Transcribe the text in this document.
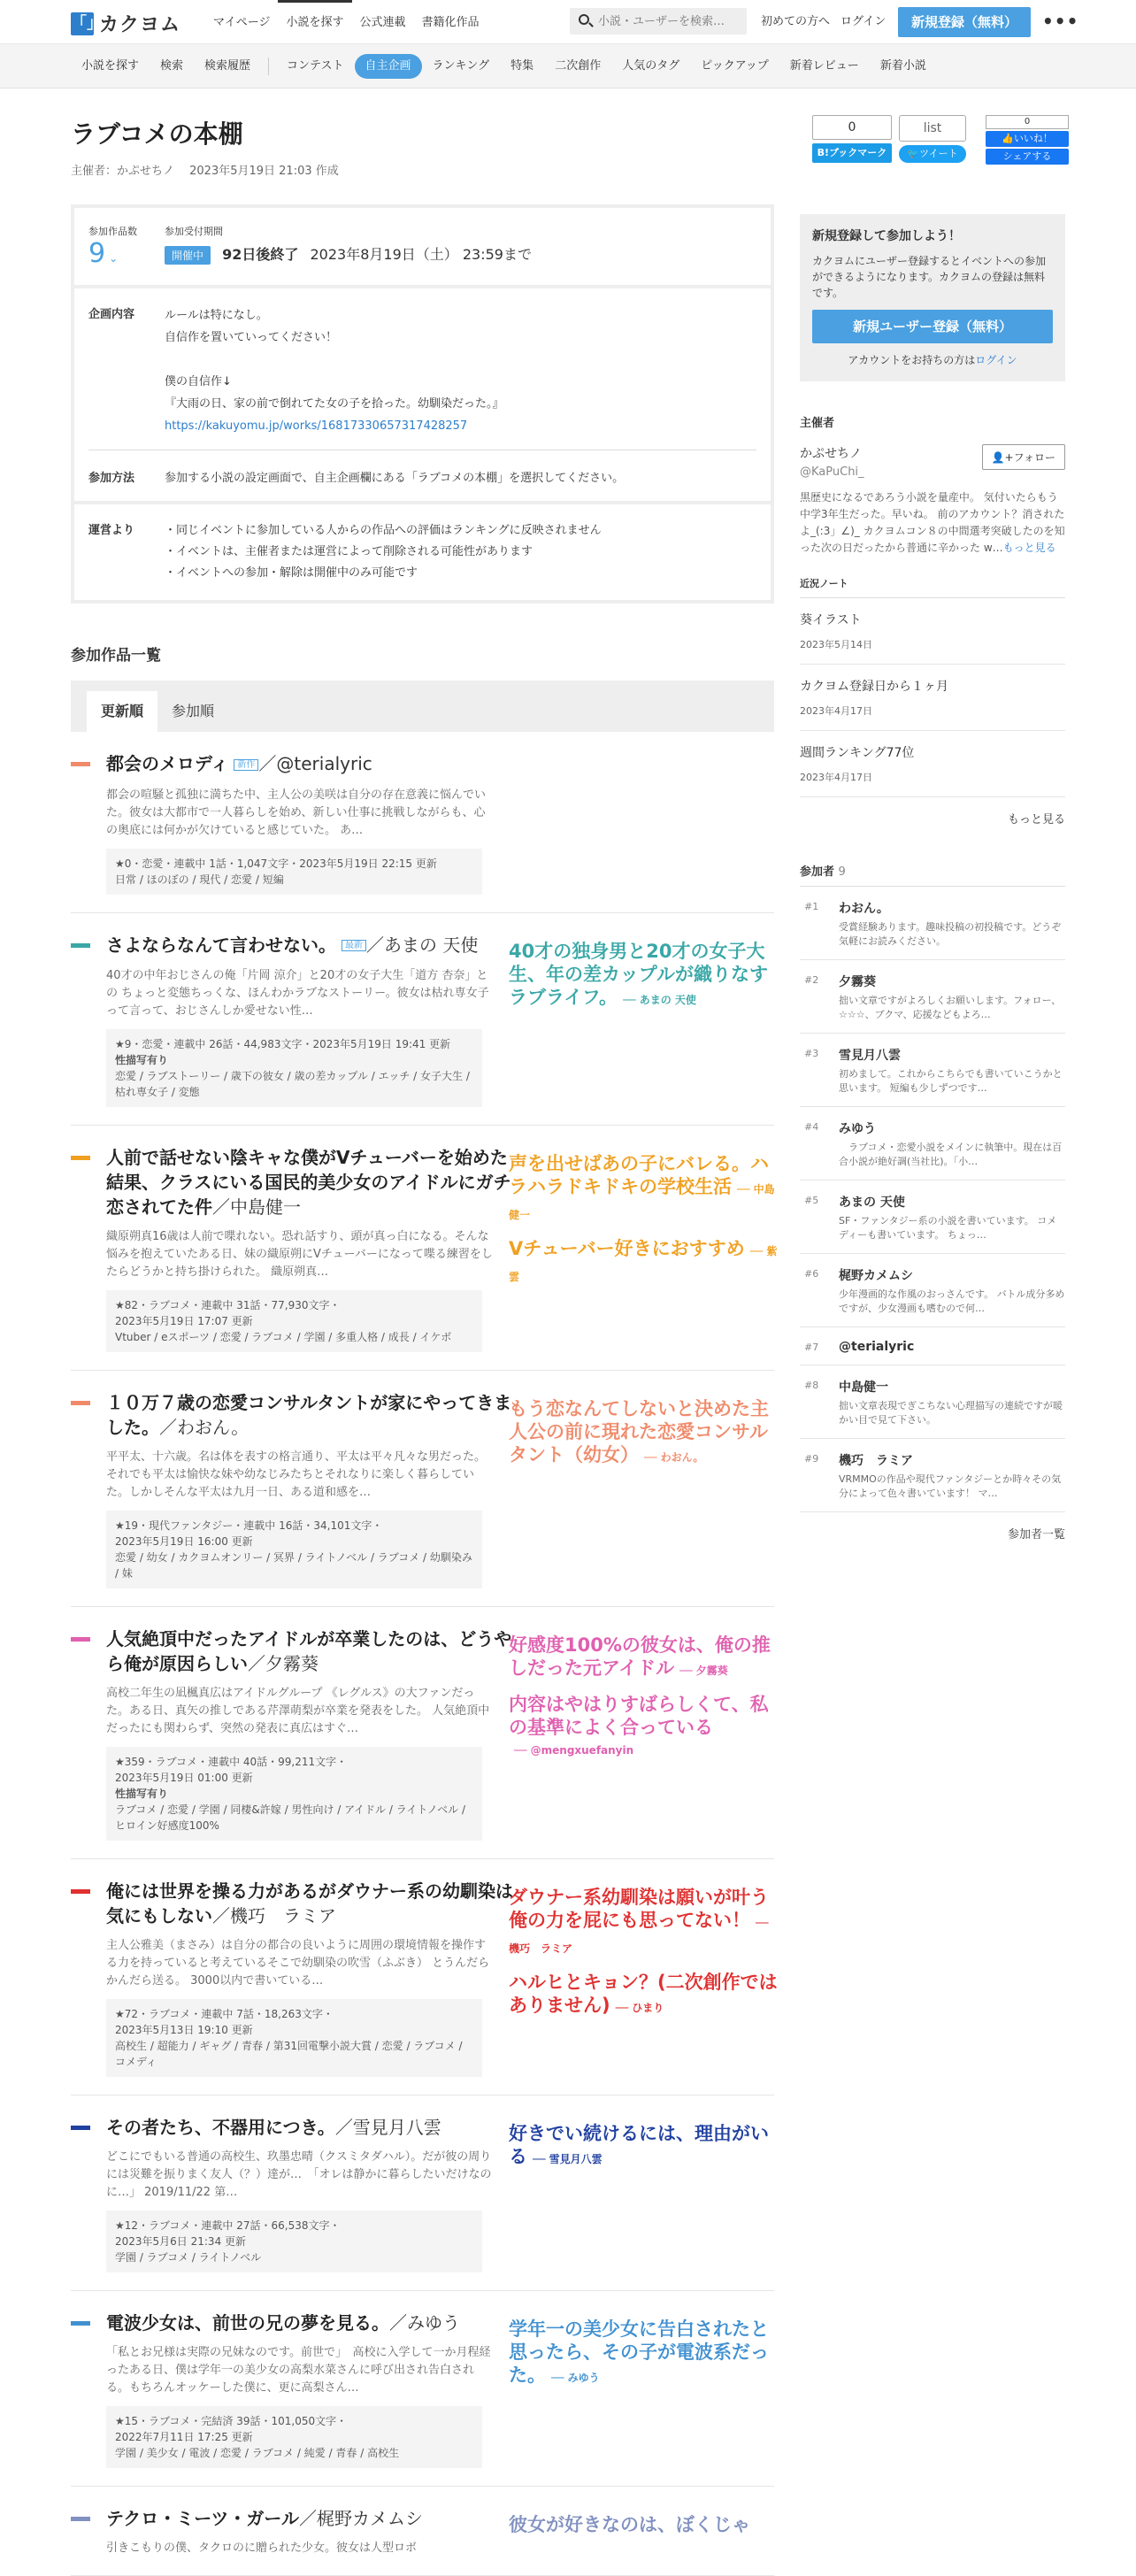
「」
カクヨム	マイページ	小説を探す	公式連載	書籍化作品
小説・ユーザーを検索…	初めての方へ ログイン	新規登録（無料）	•••
小説を探す	検索	検索履歴	コンテスト	自主企画	ランキング	特集	二次創作	人気のタグ	ピックアップ	新着レビュー	新着小説
ラブコメの本棚
主催者：かぷせちノ　 2023年5月19日 21:03 作成
参加作品数
9 ⌄
参加受付期間
開催中 92日後終了 2023年8月19日（土） 23:59まで
企画内容	ルールは特になし。
自信作を置いていってください！
僕の自信作↓
『大雨の日、家の前で倒れてた女の子を拾った。幼馴染だった。』
https://kakuyomu.jp/works/16817330657317428257
参加方法	参加する小説の設定画面で、自主企画欄にある「ラブコメの本棚」を選択してください。
運営より	・同じイベントに参加している人からの作品への評価はランキングに反映されません
・イベントは、主催者または運営によって削除される可能性があります
・イベントへの参加・解除は開催中のみ可能です
参加作品一覧
更新順	参加順
都会のメロディ 新作 ／@terialyric
都会の喧騒と孤独に満ちた中、主人公の美咲は自分の存在意義に悩んでいた。彼女は大都市で一人暮らしを始め、新しい仕事に挑戦しながらも、心の奥底には何かが欠けていると感じていた。 あ…
★0・恋愛・連載中 1話・1,047文字・2023年5月19日 22:15 更新
日常 / ほのぼの / 現代 / 恋愛 / 短編
さよならなんて言わせない。 最新 ／あまの 天使
40才の中年おじさんの俺「片岡 涼介」と20才の女子大生「道方 杏奈」との ちょっと変態ちっくな、ほんわかラブなストーリー。彼女は枯れ専女子って言って、おじさんしか愛せない性…
★9・恋愛・連載中 26話・44,983文字・2023年5月19日 19:41 更新
性描写有り
恋愛 / ラブストーリー / 歳下の彼女 / 歳の差カップル / エッチ / 女子大生 / 枯れ専女子 / 変態
40才の独身男と20才の女子大生、年の差カップルが織りなすラブライフ。 ── あまの 天使
人前で話せない陰キャな僕がVチューバーを始めた結果、クラスにいる国民的美少女のアイドルにガチ恋されてた件／中島健一
織原朔真16歳は人前で喋れない。恐れ話すり、頭が真っ白になる。そんな悩みを抱えていたある日、妹の織原朔にVチューバーになって喋る練習をしたらどうかと持ち掛けられた。 織原朔真…
★82・ラブコメ・連載中 31話・77,930文字・
2023年5月19日 17:07 更新
Vtuber / eスポーツ / 恋愛 / ラブコメ / 学園 / 多重人格 / 成長 / イケボ
声を出せばあの子にバレる。ハラハラドキドキの学校生活 ── 中島健一
Vチューバー好きにおすすめ ── 紫雲
１０万７歳の恋愛コンサルタントが家にやってきました。／わおん。
平平太、十六歳。名は体を表すの格言通り、平太は平々凡々な男だった。それでも平太は愉快な妹や幼なじみたちとそれなりに楽しく暮らしていた。しかしそんな平太は九月一日、ある道和感を…
★19・現代ファンタジー・連載中 16話・34,101文字・
2023年5月19日 16:00 更新
恋愛 / 幼女 / カクヨムオンリー / 冥界 / ライトノベル / ラブコメ / 幼馴染み / 妹
もう恋なんてしないと決めた主人公の前に現れた恋愛コンサルタント（幼女） ── わおん。
人気絶頂中だったアイドルが卒業したのは、どうやら俺が原因らしい／夕霧葵
高校二年生の凪楓真広はアイドルグループ 《レグルス》の大ファンだった。ある日、真矢の推しである芹澤萌梨が卒業を発表をした。 人気絶頂中だったにも関わらず、突然の発表に真広はすぐ…
★359・ラブコメ・連載中 40話・99,211文字・
2023年5月19日 01:00 更新
性描写有り
ラブコメ / 恋愛 / 学園 / 同棲&許嫁 / 男性向け / アイドル / ライトノベル / ヒロイン好感度100%
好感度100%の彼女は、俺の推しだった元アイドル ── 夕霧葵
内容はやはりすばらしくて、私の基準によく合っている
── @mengxuefanyin
俺には世界を操る力があるがダウナー系の幼馴染は気にもしない／機巧　ラミア
主人公雅美（まさみ）は自分の都合の良いように周囲の環境情報を操作する力を持っていると考えているそこで幼馴染の吹雪（ふぶき） とうんだらかんだら送る。 3000以内で書いている…
★72・ラブコメ・連載中 7話・18,263文字・
2023年5月13日 19:10 更新
高校生 / 超能力 / ギャグ / 青春 / 第31回電撃小説大賞 / 恋愛 / ラブコメ / コメディ
ダウナー系幼馴染は願いが叶う俺の力を屁にも思ってない！ ── 機巧　ラミア
ハルヒとキョン？(二次創作ではありません) ── ひまり
その者たち、不器用につき。／雪見月八雲
どこにでもいる普通の高校生、玖墨忠晴（クスミタダハル）。だが彼の周りには災難を振りまく友人（？）達が…　「オレは静かに暮らしたいだけなのに…」 2019/11/22 第…
★12・ラブコメ・連載中 27話・66,538文字・
2023年5月6日 21:34 更新
学園 / ラブコメ / ライトノベル
好きでい続けるには、理由がいる ── 雪見月八雲
電波少女は、前世の兄の夢を見る。／みゆう
「私とお兄様は実際の兄妹なのです。前世で」　高校に入学して一か月程経ったある日、僕は学年一の美少女の高梨水菜さんに呼び出され告白される。もちろんオッケーした僕に、更に高梨さん…
★15・ラブコメ・完結済 39話・101,050文字・
2022年7月11日 17:25 更新
学園 / 美少女 / 電波 / 恋愛 / ラブコメ / 純愛 / 青春 / 高校生
学年一の美少女に告白されたと思ったら、その子が電波系だった。 ── みゆう
テクロ・ミーツ・ガール／梶野カメムシ
引きこもりの僕、タクロのに贈られた少女。彼女は人型ロボ
彼女が好きなのは、ぼくじゃ
0
B!ブックマーク
list
🐦ツイート
0
👍いいね！
シェアする
新規登録して参加しよう！
カクヨムにユーザー登録するとイベントへの参加ができるようになります。カクヨムの登録は無料です。
新規ユーザー登録（無料）
アカウントをお持ちの方はログイン
主催者
かぷせちノ
@KaPuChi_
👤+フォロー
黒歴史になるであろう小説を量産中。 気付いたらもう中学3年生だった。早いね。 前のアカウント？消されたよ_(:3」∠)_ カクヨムコン８の中間選考突破したのを知った次の日だったから普通に辛かった w…もっと見る
近況ノート
葵イラスト
2023年5月14日
カクヨム登録日から１ヶ月
2023年4月17日
週間ランキング77位
2023年4月17日
もっと見る
参加者 9
#1 わおん。
受賞経験あります。趣味投稿の初投稿です。どうぞ気軽にお読みください。
#2 夕霧葵
拙い文章ですがよろしくお願いします。フォロー、☆☆☆、ブクマ、応援などもよろ…
#3 雪見月八雲
初めまして。これからこちらでも書いていこうかと思います。 短編も少しずつです…
#4 みゆう
　ラブコメ・恋愛小説をメインに執筆中。現在は百合小説が絶好調(当社比)。「小…
#5 あまの 天使
SF・ファンタジー系の小説を書いています。 コメディーも書いています。 ちょっ…
#6 梶野カメムシ
少年漫画的な作風のおっさんです。 バトル成分多めですが、少女漫画も嗜むので何…
#7 @terialyric
#8 中島健一
拙い文章表現でぎこちない心理描写の連続ですが暖かい目で見て下さい。
#9 機巧　ラミア
VRMMOの作品や現代ファンタジーとか時々その気分によって色々書いています！ マ…
参加者一覧
